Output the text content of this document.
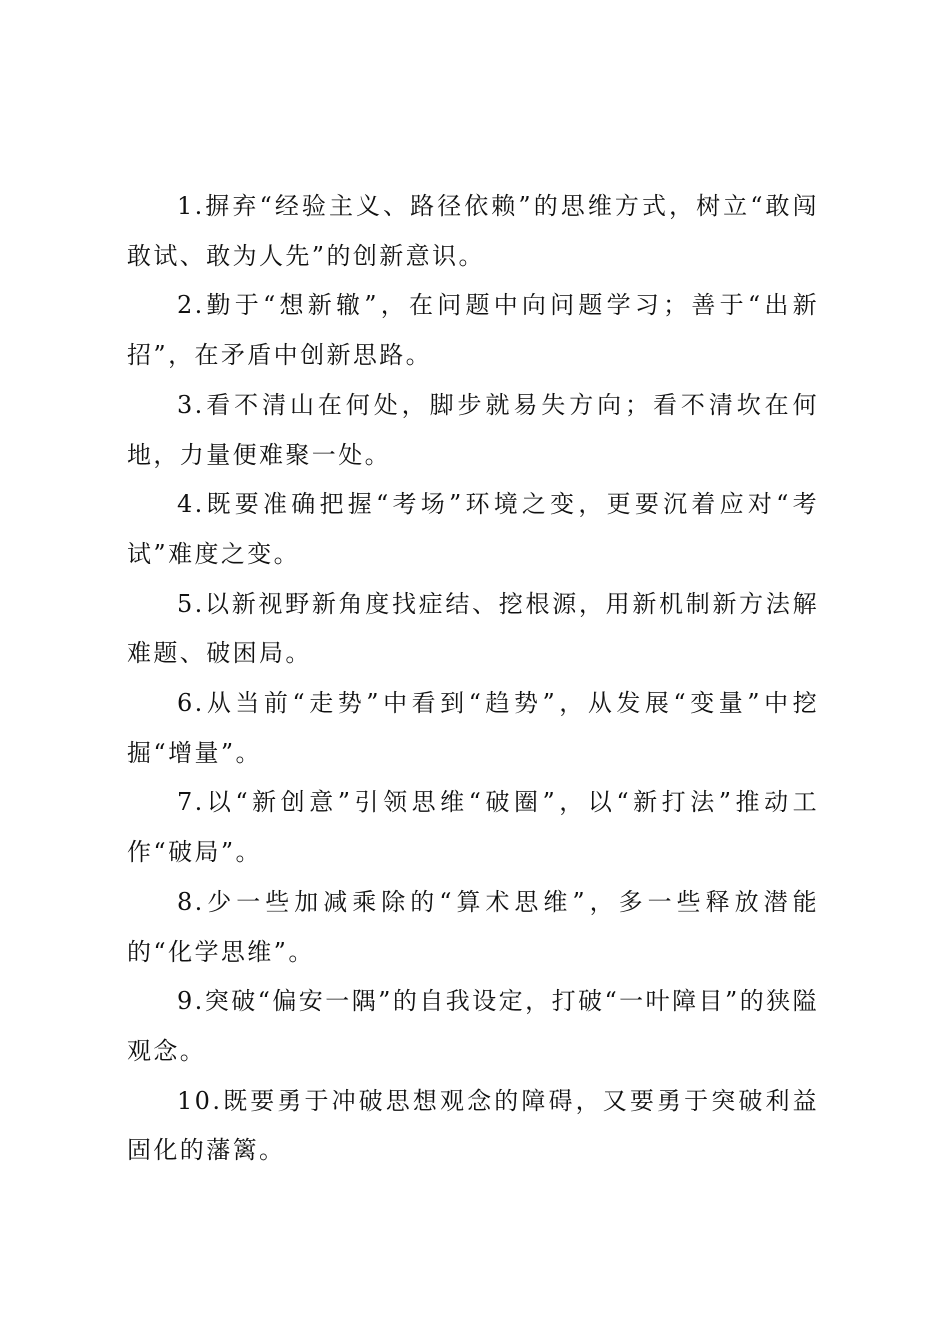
1.摒弃“经验主义、路径依赖”的思维方式，树立“敢闯敢试、敢为人先”的创新意识。

2.勤于“想新辙”，在问题中向问题学习；善于“出新招”，在矛盾中创新思路。

3.看不清山在何处，脚步就易失方向；看不清坎在何地，力量便难聚一处。

4.既要准确把握“考场”环境之变，更要沉着应对“考试”难度之变。

5.以新视野新角度找症结、挖根源，用新机制新方法解难题、破困局。

6.从当前“走势”中看到“趋势”，从发展“变量”中挖掘“增量”。

7.以“新创意”引领思维“破圈”，以“新打法”推动工作“破局”。

8.少一些加减乘除的“算术思维”，多一些释放潜能的“化学思维”。

9.突破“偏安一隅”的自我设定，打破“一叶障目”的狭隘观念。

10.既要勇于冲破思想观念的障碍，又要勇于突破利益固化的藩篱。
